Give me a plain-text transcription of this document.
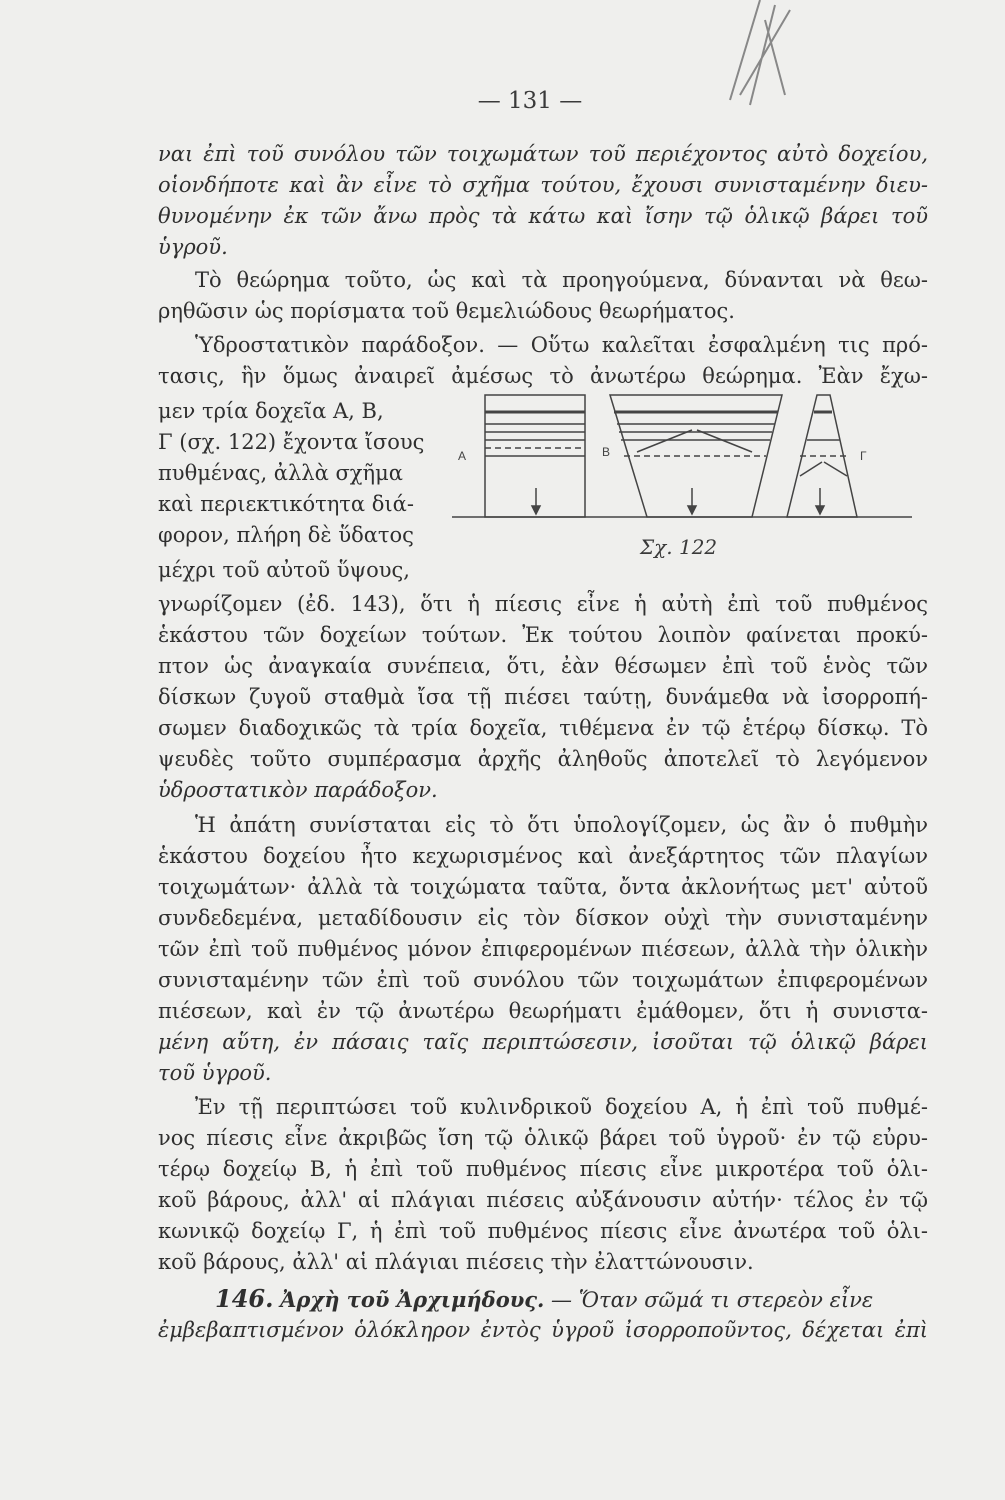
— 131 —
ναι ἐπὶ τοῦ συνόλου τῶν τοιχωμάτων τοῦ περιέχοντος αὐτὸ δοχείου,
οἱονδήποτε καὶ ἂν εἶνε τὸ σχῆμα τούτου, ἔχουσι συνισταμένην διευ-
θυνομένην ἐκ τῶν ἄνω πρὸς τὰ κάτω καὶ ἴσην τῷ ὁλικῷ βάρει τοῦ
ὑγροῦ.
Τὸ θεώρημα τοῦτο, ὡς καὶ τὰ προηγούμενα, δύνανται νὰ θεω-
ρηθῶσιν ὡς πορίσματα τοῦ θεμελιώδους θεωρήματος.
Ὑδροστατικὸν παράδοξον. — Οὕτω καλεῖται ἐσφαλμένη τις πρό-
τασις, ἣν ὅμως ἀναιρεῖ ἀμέσως τὸ ἀνωτέρω θεώρημα. Ἐὰν ἔχω-
μεν τρία δοχεῖα Α, Β,
Γ (σχ. 122) ἔχοντα ἴσους
πυθμένας, ἀλλὰ σχῆμα
καὶ περιεκτικότητα διά-
φορον, πλήρη δὲ ὕδατος
μέχρι τοῦ αὐτοῦ ὕψους,
A	B	Γ
Σχ. 122
γνωρίζομεν (ἐδ. 143), ὅτι ἡ πίεσις εἶνε ἡ αὐτὴ ἐπὶ τοῦ πυθμένος
ἑκάστου τῶν δοχείων τούτων. Ἐκ τούτου λοιπὸν φαίνεται προκύ-
πτον ὡς ἀναγκαία συνέπεια, ὅτι, ἐὰν θέσωμεν ἐπὶ τοῦ ἑνὸς τῶν
δίσκων ζυγοῦ σταθμὰ ἴσα τῇ πιέσει ταύτῃ, δυνάμεθα νὰ ἰσορροπή-
σωμεν διαδοχικῶς τὰ τρία δοχεῖα, τιθέμενα ἐν τῷ ἑτέρῳ δίσκῳ. Τὸ
ψευδὲς τοῦτο συμπέρασμα ἀρχῆς ἀληθοῦς ἀποτελεῖ τὸ λεγόμενον
ὑδροστατικὸν παράδοξον.
Ἡ ἀπάτη συνίσταται εἰς τὸ ὅτι ὑπολογίζομεν, ὡς ἂν ὁ πυθμὴν
ἑκάστου δοχείου ἦτο κεχωρισμένος καὶ ἀνεξάρτητος τῶν πλαγίων
τοιχωμάτων· ἀλλὰ τὰ τοιχώματα ταῦτα, ὄντα ἀκλονήτως μετ' αὐτοῦ
συνδεδεμένα, μεταδίδουσιν εἰς τὸν δίσκον οὐχὶ τὴν συνισταμένην
τῶν ἐπὶ τοῦ πυθμένος μόνον ἐπιφερομένων πιέσεων, ἀλλὰ τὴν ὁλικὴν
συνισταμένην τῶν ἐπὶ τοῦ συνόλου τῶν τοιχωμάτων ἐπιφερομένων
πιέσεων, καὶ ἐν τῷ ἀνωτέρω θεωρήματι ἐμάθομεν, ὅτι ἡ συνιστα-
μένη αὕτη, ἐν πάσαις ταῖς περιπτώσεσιν, ἰσοῦται τῷ ὁλικῷ βάρει
τοῦ ὑγροῦ.
Ἐν τῇ περιπτώσει τοῦ κυλινδρικοῦ δοχείου Α, ἡ ἐπὶ τοῦ πυθμέ-
νος πίεσις εἶνε ἀκριβῶς ἴση τῷ ὁλικῷ βάρει τοῦ ὑγροῦ· ἐν τῷ εὐρυ-
τέρῳ δοχείῳ Β, ἡ ἐπὶ τοῦ πυθμένος πίεσις εἶνε μικροτέρα τοῦ ὁλι-
κοῦ βάρους, ἀλλ' αἱ πλάγιαι πιέσεις αὐξάνουσιν αὐτήν· τέλος ἐν τῷ
κωνικῷ δοχείῳ Γ, ἡ ἐπὶ τοῦ πυθμένος πίεσις εἶνε ἀνωτέρα τοῦ ὁλι-
κοῦ βάρους, ἀλλ' αἱ πλάγιαι πιέσεις τὴν ἐλαττώνουσιν.
146. Ἀρχὴ τοῦ Ἀρχιμήδους. — Ὅταν σῶμά τι στερεὸν εἶνε
ἐμβεβαπτισμένον ὁλόκληρον ἐντὸς ὑγροῦ ἰσορροποῦντος, δέχεται ἐπὶ
